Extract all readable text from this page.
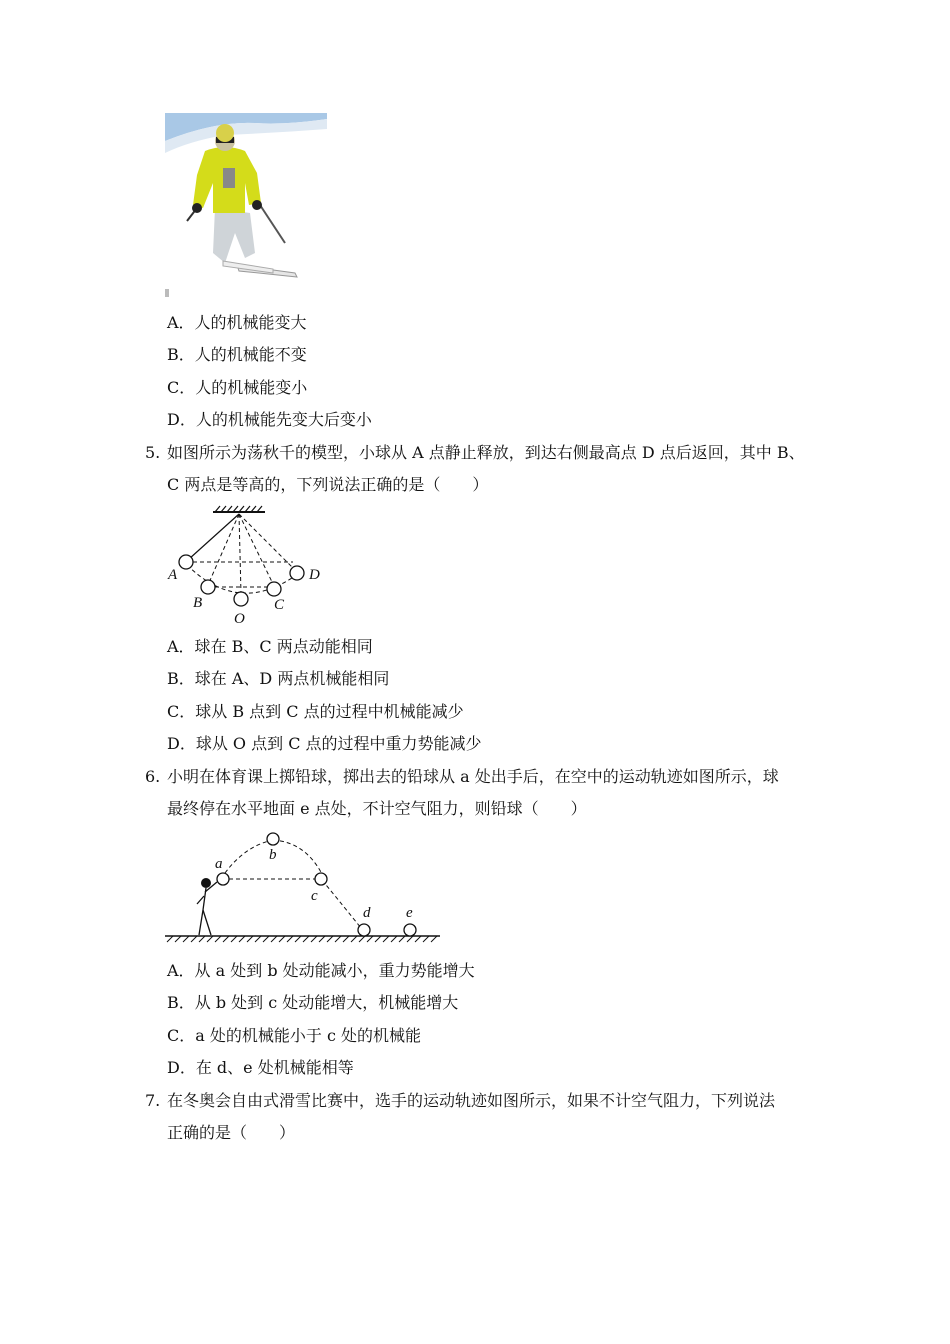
A．人的机械能变大
B．人的机械能不变
C．人的机械能变小
D．人的机械能先变大后变小
5. 如图所示为荡秋千的模型，小球从 A 点静止释放，到达右侧最高点 D 点后返回，其中 B、
C 两点是等高的，下列说法正确的是（　　）
A
B
O
C
D
A．球在 B、C 两点动能相同
B．球在 A、D 两点机械能相同
C．球从 B 点到 C 点的过程中机械能减少
D．球从 O 点到 C 点的过程中重力势能减少
6. 小明在体育课上掷铅球，掷出去的铅球从 a 处出手后，在空中的运动轨迹如图所示，球
最终停在水平地面 e 点处，不计空气阻力，则铅球（　　）
a
b
c
d e
A．从 a 处到 b 处动能减小，重力势能增大
B．从 b 处到 c 处动能增大，机械能增大
C．a 处的机械能小于 c 处的机械能
D．在 d、e 处机械能相等
7. 在冬奥会自由式滑雪比赛中，选手的运动轨迹如图所示，如果不计空气阻力，下列说法
正确的是（　　）
